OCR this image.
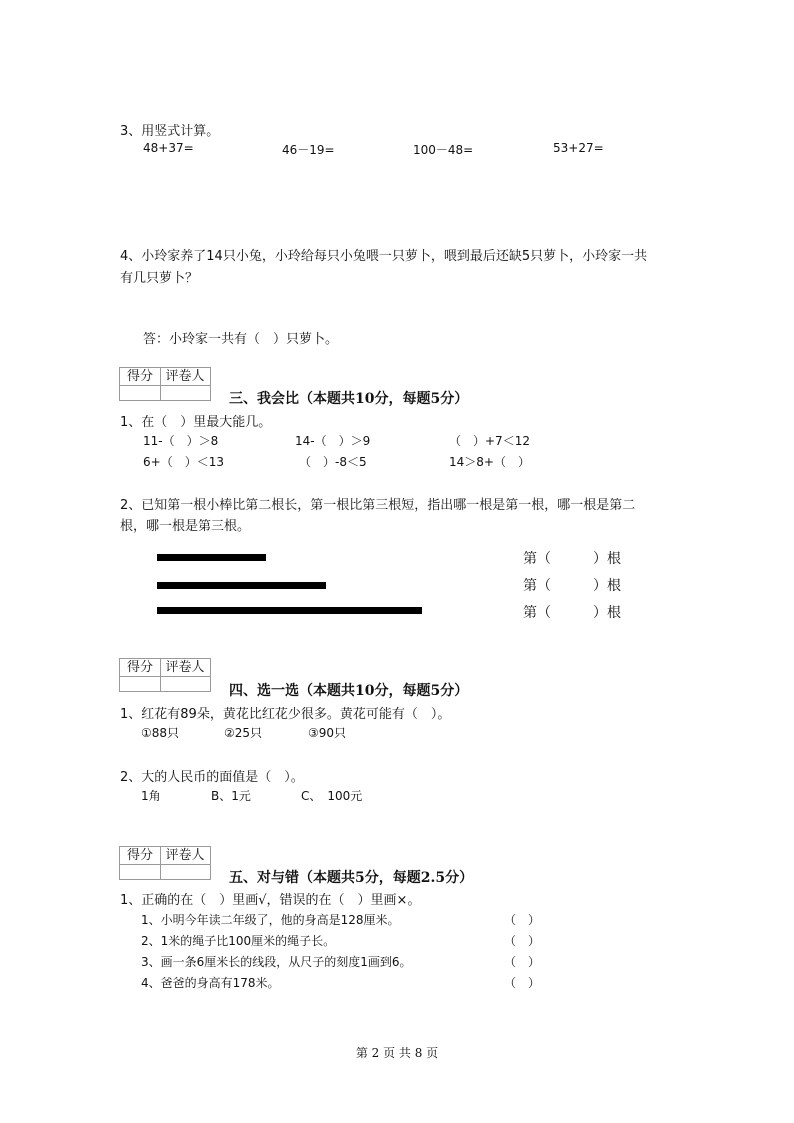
3、用竖式计算。
48+37=	46－19=	100－48=	53+27=
4、小玲家养了14只小兔，小玲给每只小兔喂一只萝卜，喂到最后还缺5只萝卜，小玲家一共
有几只萝卜？
答：小玲家一共有（　）只萝卜。
得分 评卷人
三、我会比（本题共10分，每题5分）
1、在（　）里最大能几。
11-（　）＞8	14-（　）＞9	（　）+7＜12
6+（　）＜13	（　）-8＜5	14＞8+（　）
2、已知第一根小棒比第二根长，第一根比第三根短，指出哪一根是第一根，哪一根是第二
根，哪一根是第三根。
第（　　　）根
第（　　　）根
第（　　　）根
得分 评卷人
四、选一选（本题共10分，每题5分）
1、红花有89朵，黄花比红花少很多。黄花可能有（　）。
①88只	②25只	③90只
2、大的人民币的面值是（　）。
1角	B、1元	C、　100元
得分 评卷人
五、对与错（本题共5分，每题2.5分）
1、正确的在（　）里画√，错误的在（　）里画×。
1、小明今年读二年级了，他的身高是128厘米。	（　）
2、1米的绳子比100厘米的绳子长。	（　）
3、画一条6厘米长的线段，从尺子的刻度1画到6。	（　）
4、爸爸的身高有178米。	（　）
第 2 页 共 8 页
